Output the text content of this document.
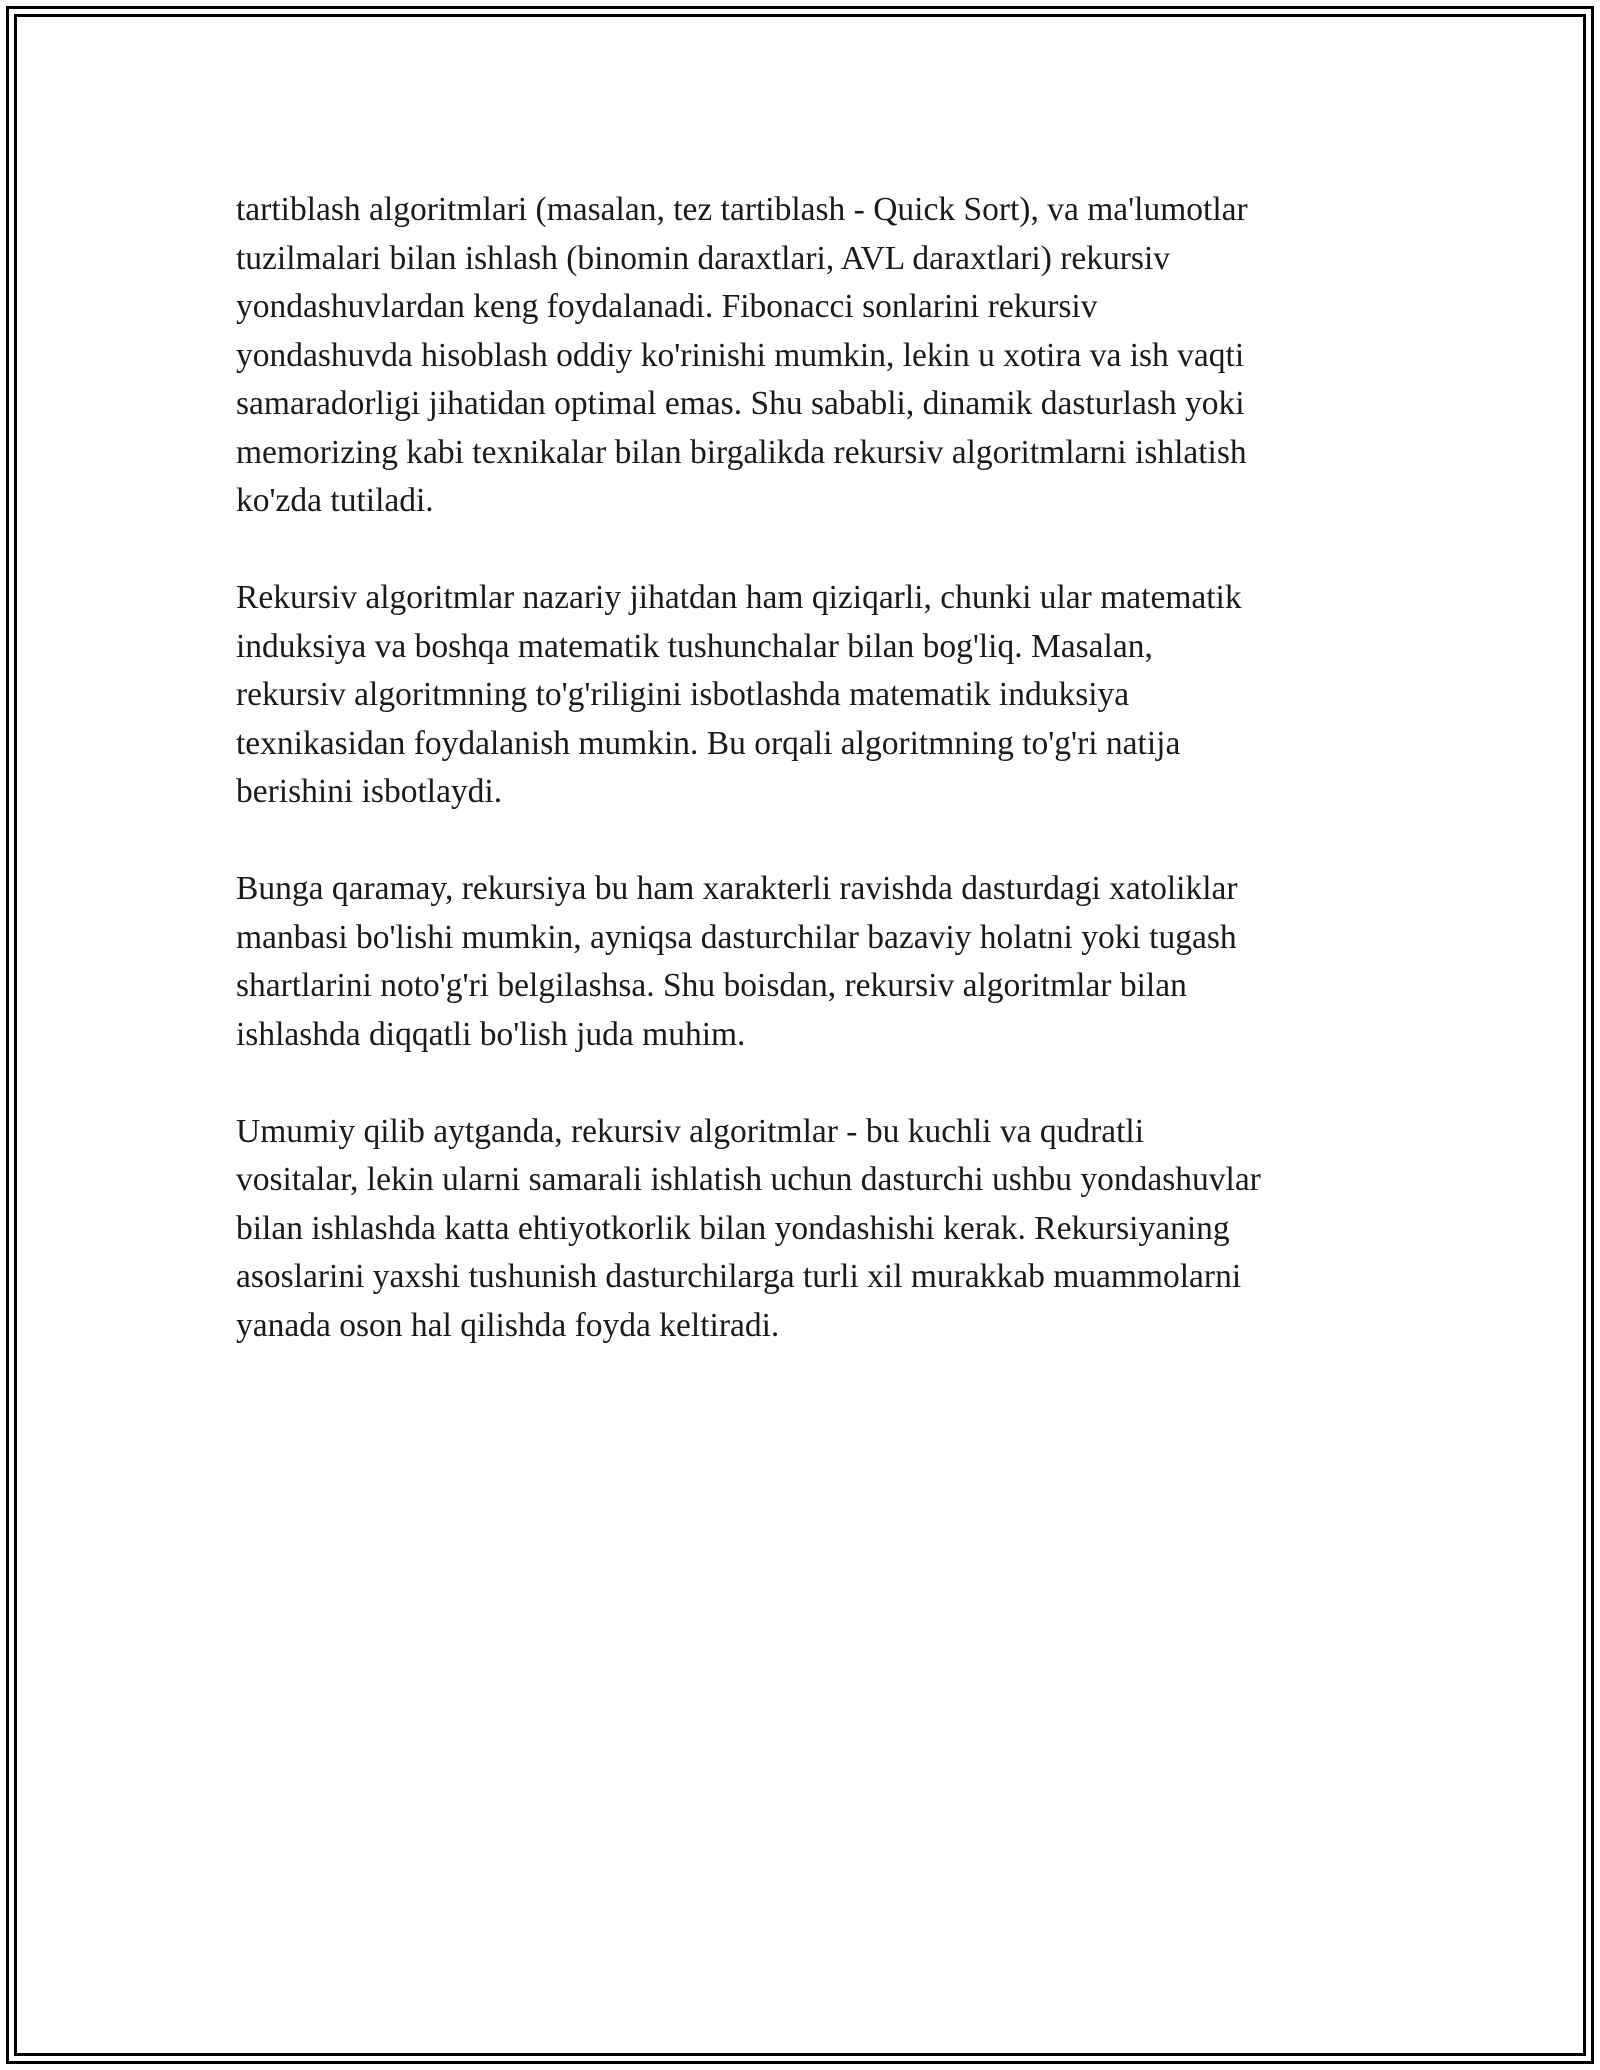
tartiblash algoritmlari (masalan, tez tartiblash - Quick Sort), va ma'lumotlar
tuzilmalari bilan ishlash (binomin daraxtlari, AVL daraxtlari) rekursiv
yondashuvlardan keng foydalanadi. Fibonacci sonlarini rekursiv
yondashuvda hisoblash oddiy ko'rinishi mumkin, lekin u xotira va ish vaqti
samaradorligi jihatidan optimal emas. Shu sababli, dinamik dasturlash yoki
memorizing kabi texnikalar bilan birgalikda rekursiv algoritmlarni ishlatish
ko'zda tutiladi.

Rekursiv algoritmlar nazariy jihatdan ham qiziqarli, chunki ular matematik
induksiya va boshqa matematik tushunchalar bilan bog'liq. Masalan,
rekursiv algoritmning to'g'riligini isbotlashda matematik induksiya
texnikasidan foydalanish mumkin. Bu orqali algoritmning to'g'ri natija
berishini isbotlaydi.

Bunga qaramay, rekursiya bu ham xarakterli ravishda dasturdagi xatoliklar
manbasi bo'lishi mumkin, ayniqsa dasturchilar bazaviy holatni yoki tugash
shartlarini noto'g'ri belgilashsa. Shu boisdan, rekursiv algoritmlar bilan
ishlashda diqqatli bo'lish juda muhim.

Umumiy qilib aytganda, rekursiv algoritmlar - bu kuchli va qudratli
vositalar, lekin ularni samarali ishlatish uchun dasturchi ushbu yondashuvlar
bilan ishlashda katta ehtiyotkorlik bilan yondashishi kerak. Rekursiyaning
asoslarini yaxshi tushunish dasturchilarga turli xil murakkab muammolarni
yanada oson hal qilishda foyda keltiradi.
